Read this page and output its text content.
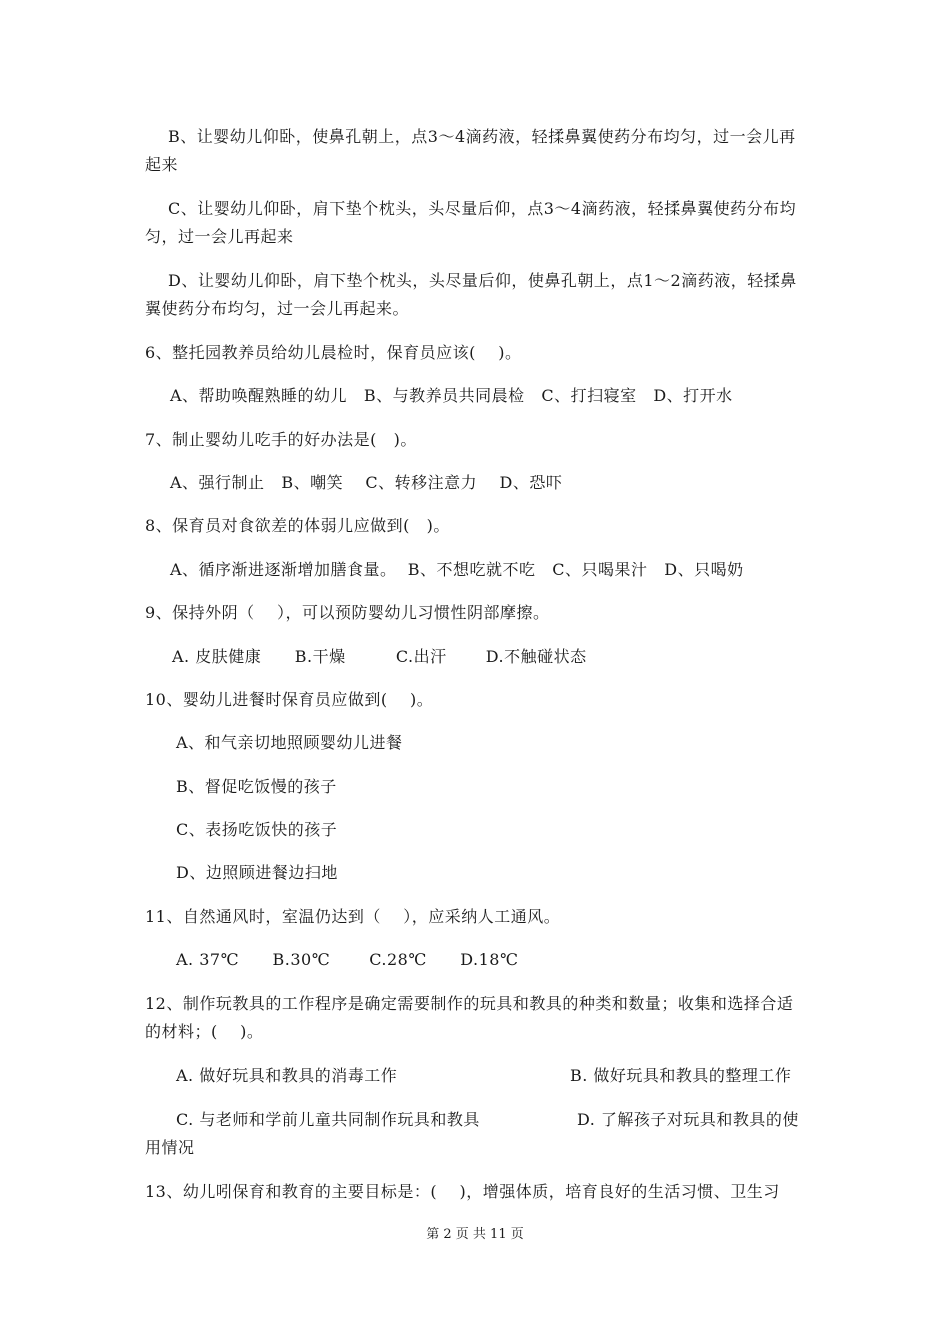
B、让婴幼儿仰卧，使鼻孔朝上，点3～4滴药液，轻揉鼻翼使药分布均匀，过一会儿再
起来
C、让婴幼儿仰卧，肩下垫个枕头，头尽量后仰，点3～4滴药液，轻揉鼻翼使药分布均
匀，过一会儿再起来
D、让婴幼儿仰卧，肩下垫个枕头，头尽量后仰，使鼻孔朝上，点1～2滴药液，轻揉鼻
翼使药分布均匀，过一会儿再起来。
6、整托园教养员给幼儿晨检时，保育员应该(    )。
A、帮助唤醒熟睡的幼儿   B、与教养员共同晨检   C、打扫寝室   D、打开水
7、制止婴幼儿吃手的好办法是(   )。
A、强行制止   B、嘲笑    C、转移注意力    D、恐吓
8、保育员对食欲差的体弱儿应做到(   )。
A、循序渐进逐渐增加膳食量。  B、不想吃就不吃   C、只喝果汁   D、只喝奶
9、保持外阴（    ），可以预防婴幼儿习惯性阴部摩擦。
A. 皮肤健康      B.干燥         C.出汗       D.不触碰状态
10、婴幼儿进餐时保育员应做到(    )。
A、和气亲切地照顾婴幼儿进餐
B、督促吃饭慢的孩子
C、表扬吃饭快的孩子
D、边照顾进餐边扫地
11、自然通风时，室温仍达到（    ），应采纳人工通风。
A. 37℃      B.30℃       C.28℃      D.18℃
12、制作玩教具的工作程序是确定需要制作的玩具和教具的种类和数量；收集和选择合适
的材料；(    )。
A. 做好玩具和教具的消毒工作	B. 做好玩具和教具的整理工作
C. 与老师和学前儿童共同制作玩具和教具	D. 了解孩子对玩具和教具的使
用情况
13、幼儿吲保育和教育的主要目标是：(    )，增强体质，培育良好的生活习惯、卫生习
第 2 页 共 11 页
